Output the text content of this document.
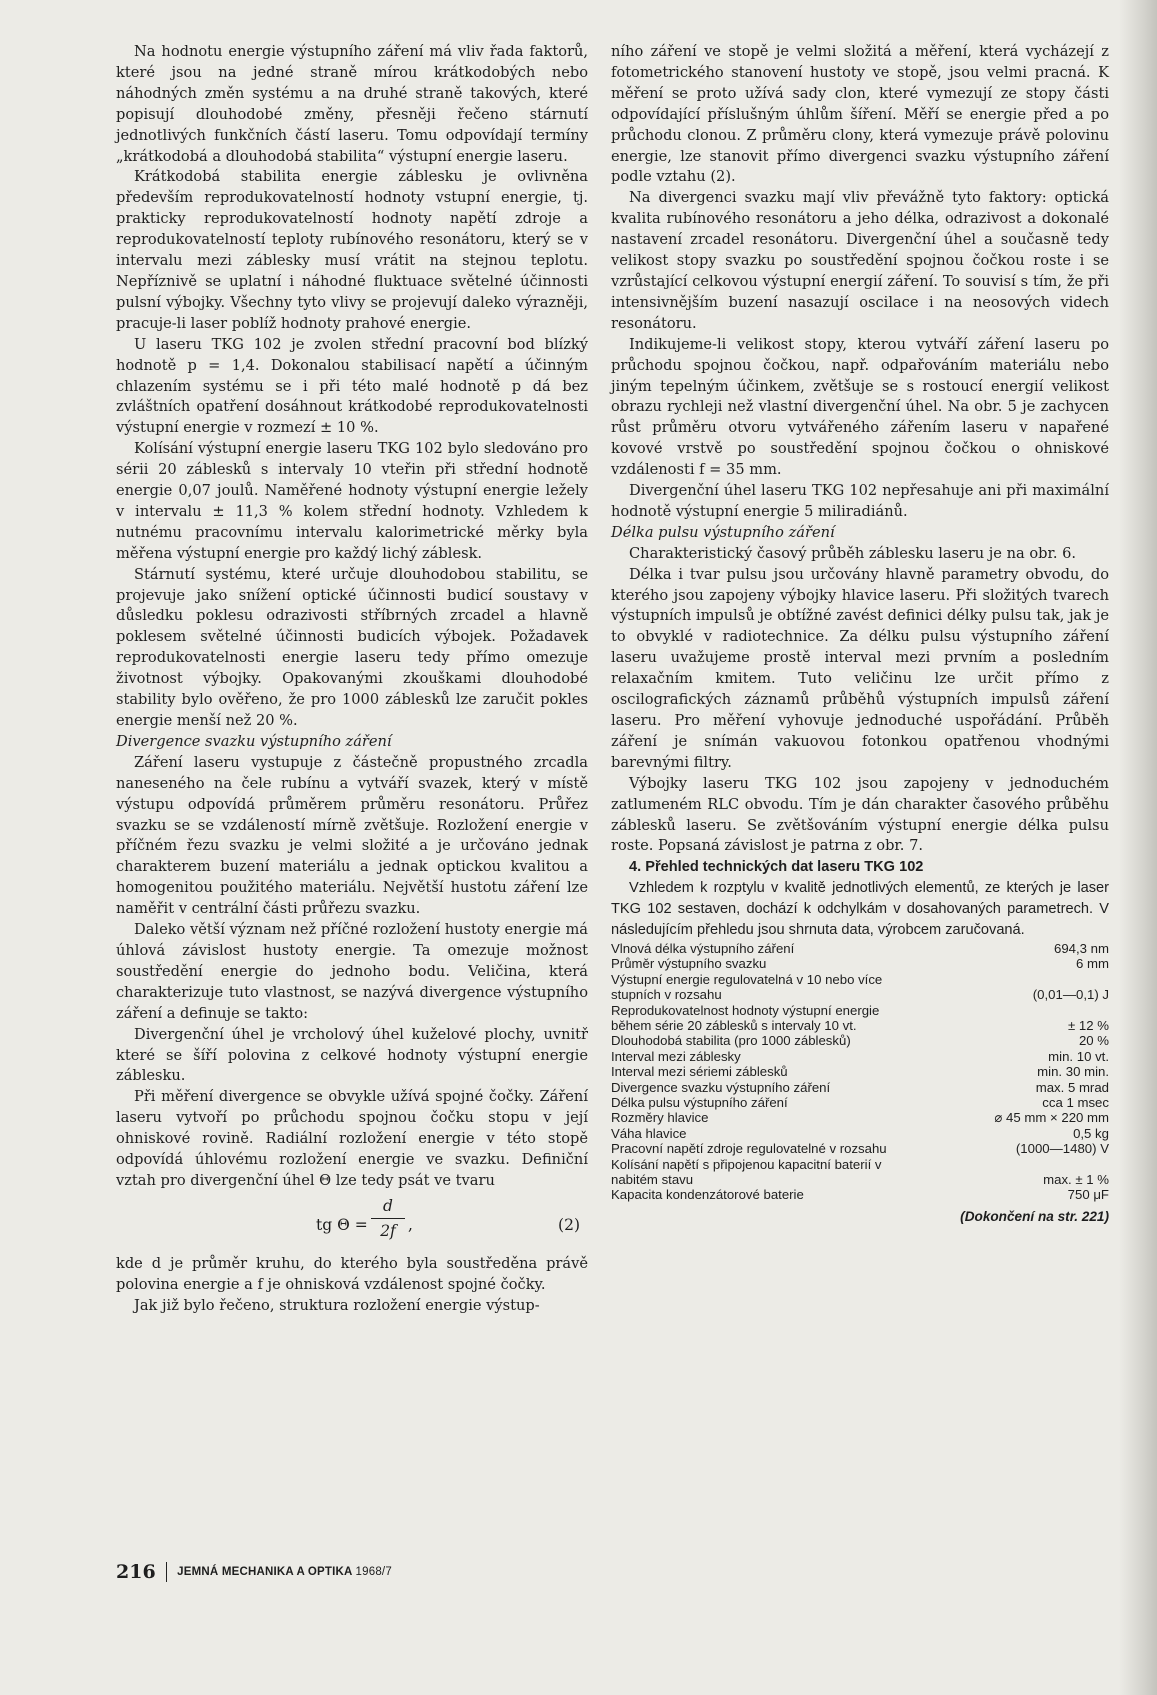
Na hodnotu energie výstupního záření má vliv řada faktorů, které jsou na jedné straně mírou krátkodobých nebo náhodných změn systému a na druhé straně takových, které popisují dlouhodobé změny, přesněji řečeno stárnutí jednotlivých funkčních částí laseru. Tomu odpovídají termíny „krátkodobá a dlouhodobá stabilita“ výstupní energie laseru.

Krátkodobá stabilita energie záblesku je ovlivněna především reprodukovatelností hodnoty vstupní energie, tj. prakticky reprodukovatelností hodnoty napětí zdroje a reprodukovatelností teploty rubínového resonátoru, který se v intervalu mezi záblesky musí vrátit na stejnou teplotu. Nepříznivě se uplatní i náhodné fluktuace světelné účinnosti pulsní výbojky. Všechny tyto vlivy se projevují daleko výrazněji, pracuje-li laser poblíž hodnoty prahové energie.

U laseru TKG 102 je zvolen střední pracovní bod blízký hodnotě p = 1,4. Dokonalou stabilisací napětí a účinným chlazením systému se i při této malé hodnotě p dá bez zvláštních opatření dosáhnout krátkodobé reprodukovatelnosti výstupní energie v rozmezí ± 10 %.

Kolísání výstupní energie laseru TKG 102 bylo sledováno pro sérii 20 záblesků s intervaly 10 vteřin při střední hodnotě energie 0,07 joulů. Naměřené hodnoty výstupní energie ležely v intervalu ± 11,3 % kolem střední hodnoty. Vzhledem k nutnému pracovnímu intervalu kalorimetrické měrky byla měřena výstupní energie pro každý lichý záblesk.

Stárnutí systému, které určuje dlouhodobou stabilitu, se projevuje jako snížení optické účinnosti budicí soustavy v důsledku poklesu odrazivosti stříbrných zrcadel a hlavně poklesem světelné účinnosti budicích výbojek. Požadavek reprodukovatelnosti energie laseru tedy přímo omezuje životnost výbojky. Opakovanými zkouškami dlouhodobé stability bylo ověřeno, že pro 1000 záblesků lze zaručit pokles energie menší než 20 %.

Divergence svazku výstupního záření

Záření laseru vystupuje z částečně propustného zrcadla naneseného na čele rubínu a vytváří svazek, který v místě výstupu odpovídá průměrem průměru resonátoru. Průřez svazku se se vzdáleností mírně zvětšuje. Rozložení energie v příčném řezu svazku je velmi složité a je určováno jednak charakterem buzení materiálu a jednak optickou kvalitou a homogenitou použitého materiálu. Největší hustotu záření lze naměřit v centrální části průřezu svazku.

Daleko větší význam než příčné rozložení hustoty energie má úhlová závislost hustoty energie. Ta omezuje možnost soustředění energie do jednoho bodu. Veličina, která charakterizuje tuto vlastnost, se nazývá divergence výstupního záření a definuje se takto:

Divergenční úhel je vrcholový úhel kuželové plochy, uvnitř které se šíří polovina z celkové hodnoty výstupní energie záblesku.

Při měření divergence se obvykle užívá spojné čočky. Záření laseru vytvoří po průchodu spojnou čočku stopu v její ohniskové rovině. Radiální rozložení energie v této stopě odpovídá úhlovému rozložení energie ve svazku. Definiční vztah pro divergenční úhel Θ lze tedy psát ve tvaru

tg Θ =
d
2f ,	(2)

kde d je průměr kruhu, do kterého byla soustředěna právě polovina energie a f je ohnisková vzdálenost spojné čočky.

Jak již bylo řečeno, struktura rozložení energie výstup-

ního záření ve stopě je velmi složitá a měření, která vycházejí z fotometrického stanovení hustoty ve stopě, jsou velmi pracná. K měření se proto užívá sady clon, které vymezují ze stopy části odpovídající příslušným úhlům šíření. Měří se energie před a po průchodu clonou. Z průměru clony, která vymezuje právě polovinu energie, lze stanovit přímo divergenci svazku výstupního záření podle vztahu (2).

Na divergenci svazku mají vliv převážně tyto faktory: optická kvalita rubínového resonátoru a jeho délka, odrazivost a dokonalé nastavení zrcadel resonátoru. Divergenční úhel a současně tedy velikost stopy svazku po soustředění spojnou čočkou roste i se vzrůstající celkovou výstupní energií záření. To souvisí s tím, že při intensivnějším buzení nasazují oscilace i na neosových videch resonátoru.

Indikujeme-li velikost stopy, kterou vytváří záření laseru po průchodu spojnou čočkou, např. odpařováním materiálu nebo jiným tepelným účinkem, zvětšuje se s rostoucí energií velikost obrazu rychleji než vlastní divergenční úhel. Na obr. 5 je zachycen růst průměru otvoru vytvářeného zářením laseru v napařené kovové vrstvě po soustředění spojnou čočkou o ohniskové vzdálenosti f = 35 mm.

Divergenční úhel laseru TKG 102 nepřesahuje ani při maximální hodnotě výstupní energie 5 miliradiánů.

Délka pulsu výstupního záření

Charakteristický časový průběh záblesku laseru je na obr. 6.

Délka i tvar pulsu jsou určovány hlavně parametry obvodu, do kterého jsou zapojeny výbojky hlavice laseru. Při složitých tvarech výstupních impulsů je obtížné zavést definici délky pulsu tak, jak je to obvyklé v radiotechnice. Za délku pulsu výstupního záření laseru uvažujeme prostě interval mezi prvním a posledním relaxačním kmitem. Tuto veličinu lze určit přímo z oscilografických záznamů průběhů výstupních impulsů záření laseru. Pro měření vyhovuje jednoduché uspořádání. Průběh záření je snímán vakuovou fotonkou opatřenou vhodnými barevnými filtry.

Výbojky laseru TKG 102 jsou zapojeny v jednoduchém zatlumeném RLC obvodu. Tím je dán charakter časového průběhu záblesků laseru. Se zvětšováním výstupní energie délka pulsu roste. Popsaná závislost je patrna z obr. 7.

4. Přehled technických dat laseru TKG 102

Vzhledem k rozptylu v kvalitě jednotlivých elementů, ze kterých je laser TKG 102 sestaven, dochází k odchylkám v dosahovaných parametrech. V následujícím přehledu jsou shrnuta data, výrobcem zaručovaná.

Vlnová délka výstupního záření	694,3 nm
Průměr výstupního svazku	6 mm
Výstupní energie regulovatelná v 10 nebo více stupních v rozsahu	(0,01—0,1) J
Reprodukovatelnost hodnoty výstupní energie během série 20 záblesků s intervaly 10 vt.	± 12 %
Dlouhodobá stabilita (pro 1000 záblesků)	20 %
Interval mezi záblesky	min. 10 vt.
Interval mezi sériemi záblesků	min. 30 min.
Divergence svazku výstupního záření	max. 5 mrad
Délka pulsu výstupního záření	cca 1 msec
Rozměry hlavice	⌀ 45 mm × 220 mm
Váha hlavice	0,5 kg
Pracovní napětí zdroje regulovatelné v rozsahu	(1000—1480) V
Kolísání napětí s připojenou kapacitní baterií v nabitém stavu	max. ± 1 %
Kapacita kondenzátorové baterie	750 μF
(Dokončení na str. 221)
216 JEMNÁ MECHANIKA A OPTIKA 1968/7
